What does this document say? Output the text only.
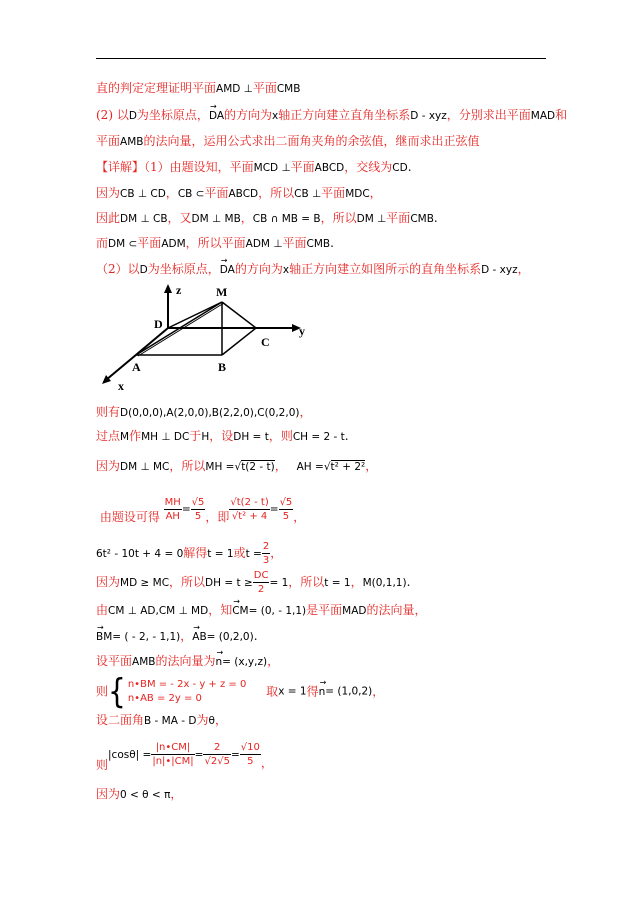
直的判定定理证明平面AMD ⊥平面CMB
(2) 以D为坐标原点，→ DA的方向为x轴正方向建立直角坐标系D - xyz，分别求出平面MAD和
平面AMB的法向量，运用公式求出二面角夹角的余弦值，继而求出正弦值
【详解】（1）由题设知，平面MCD ⊥平面ABCD，交线为CD.
因为CB ⊥ CD，CB ⊂平面ABCD，所以CB ⊥平面MDC，
因此DM ⊥ CB，又DM ⊥ MB，CB ∩ MB = B，所以DM ⊥平面CMB.
而DM ⊂平面ADM，所以平面ADM ⊥平面CMB.
（2）以D为坐标原点，→ DA的方向为x轴正方向建立如图所示的直角坐标系D - xyz，
z
D
M
y
C
A	B
x
则有D(0,0,0),A(2,0,0),B(2,2,0),C(0,2,0)，
过点M作MH ⊥ DC于H，设DH = t，则CH = 2 - t.
因为DM ⊥ MC，所以MH =√t(2 - t)， AH =√t² + 2²，
由题设可得 $\frac{MH}{AH} = \frac{√5}{5}$ ，即 $\frac{√t(2 - t)}{\text{√t² + 4}} = \frac{√5}{5}$ ，
6t² - 10t + 4 = 0解得t = 1或$t = \frac{2}{3}$ ，
因为MD ≥ MC，所以DH = $t \ge \frac{DC}{2} = 1$，所以t = 1，M(0,1,1).
由CM ⊥ AD,CM ⊥ MD，知→ CM= (0, - 1,1)是平面MAD的法向量，
→ BM= ( - 2, - 1,1)，→ AB= (0,2,0).
设平面AMB的法向量为→ n= (x,y,z)，
则{ n•BM = - 2x - y + z = 0
n•AB = 2y = 0	取x = 1得→ n= (1,0,2)，
设二面角B - MA - D为θ，
则$|\cos\theta| = \frac{|n•CM|}{|n|•|CM|} = \frac{2}{√2√5} = \frac{√10}{5}$ ，
因为0 < θ < π，
